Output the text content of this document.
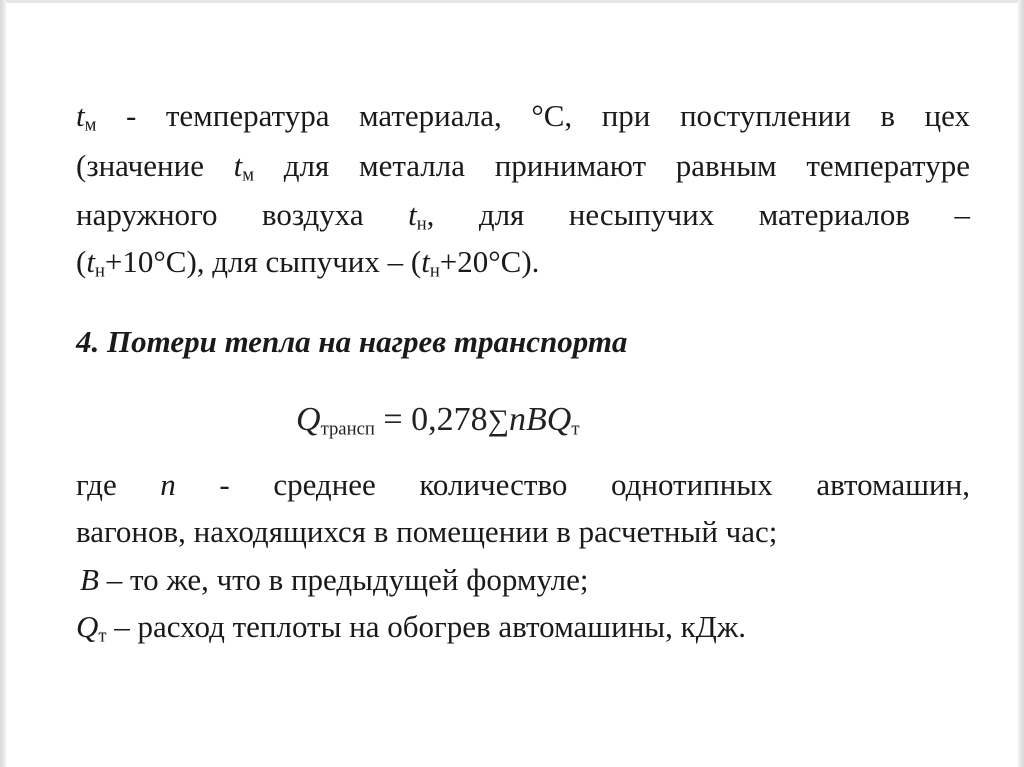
$t_м$ - температура материала, °С, при поступлении в цех
(значение $t_м$ для металла принимают равным температуре
наружного воздуха $t_н$, для несыпучих материалов –
$(t_н+10^\circ С)$, для сыпучих – $(t_н+20^\circ С)$.
4. Потери тепла на нагрев транспорта
$Q_{трансп} = 0,278\sum nBQ_т$
где n - среднее количество однотипных автомашин,
вагонов, находящихся в помещении в расчетный час;
B – то же, что в предыдущей формуле;
$Q_т$ – расход теплоты на обогрев автомашины, кДж.
